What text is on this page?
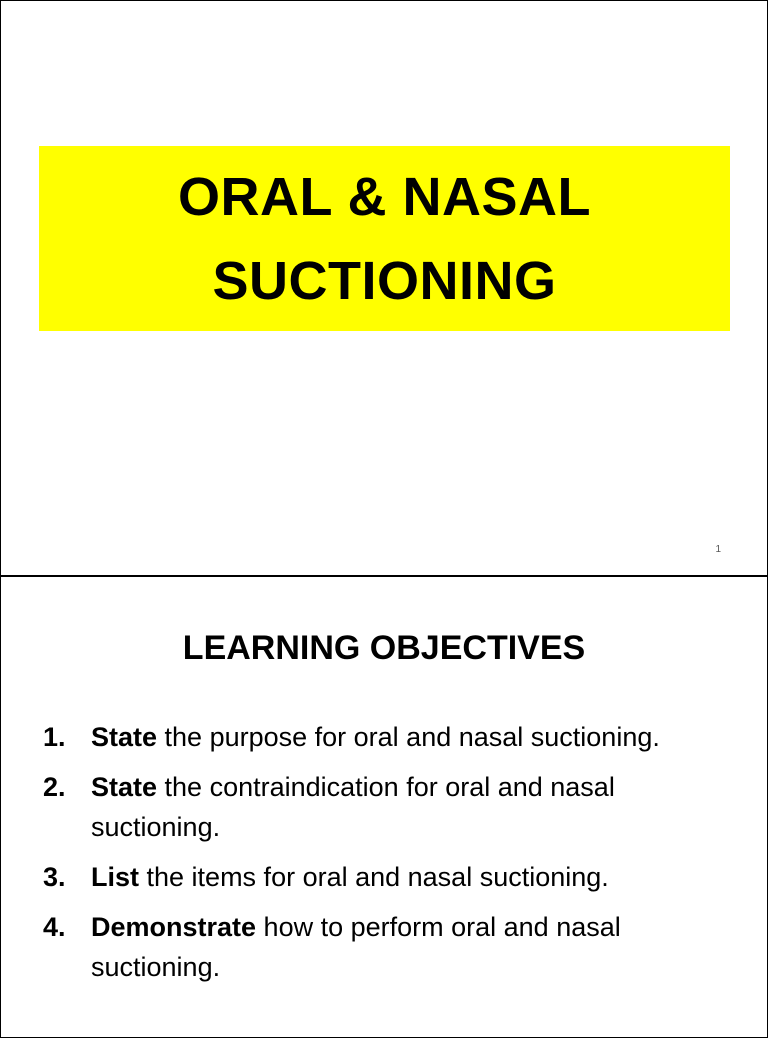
ORAL & NASAL
SUCTIONING
1
LEARNING OBJECTIVES
1. State the purpose for oral and nasal suctioning.
2. State the contraindication for oral and nasal suctioning.
3. List the items for oral and nasal suctioning.
4. Demonstrate how to perform oral and nasal suctioning.
